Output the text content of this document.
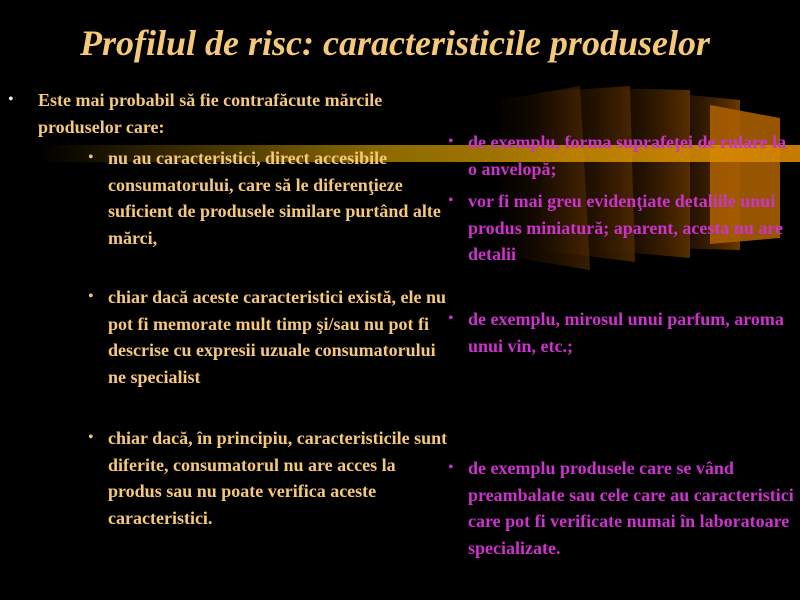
Profilul de risc: caracteristicile produselor
• Este mai probabil să fie contrafăcute mărcile produselor care:

• nu au caracteristici, direct accesibile consumatorului, care să le diferenţieze suficient de produsele similare purtând alte mărci,

• chiar dacă aceste caracteristici există, ele nu pot fi memorate mult timp şi/sau nu pot fi descrise cu expresii uzuale consumatorului ne specialist

• chiar dacă, în principiu, caracteristicile sunt diferite, consumatorul nu are acces la produs sau nu poate verifica aceste caracteristici.

• de exemplu, forma suprafeţei de rulare la o anvelopă;

• vor fi mai greu evidenţiate detaliile unui produs miniatură; aparent, acesta nu are detalii

• de exemplu, mirosul unui parfum, aroma unui vin, etc.;

• de exemplu produsele care se vând preambalate sau cele care au caracteristici care pot fi verificate numai în laboratoare specializate.
